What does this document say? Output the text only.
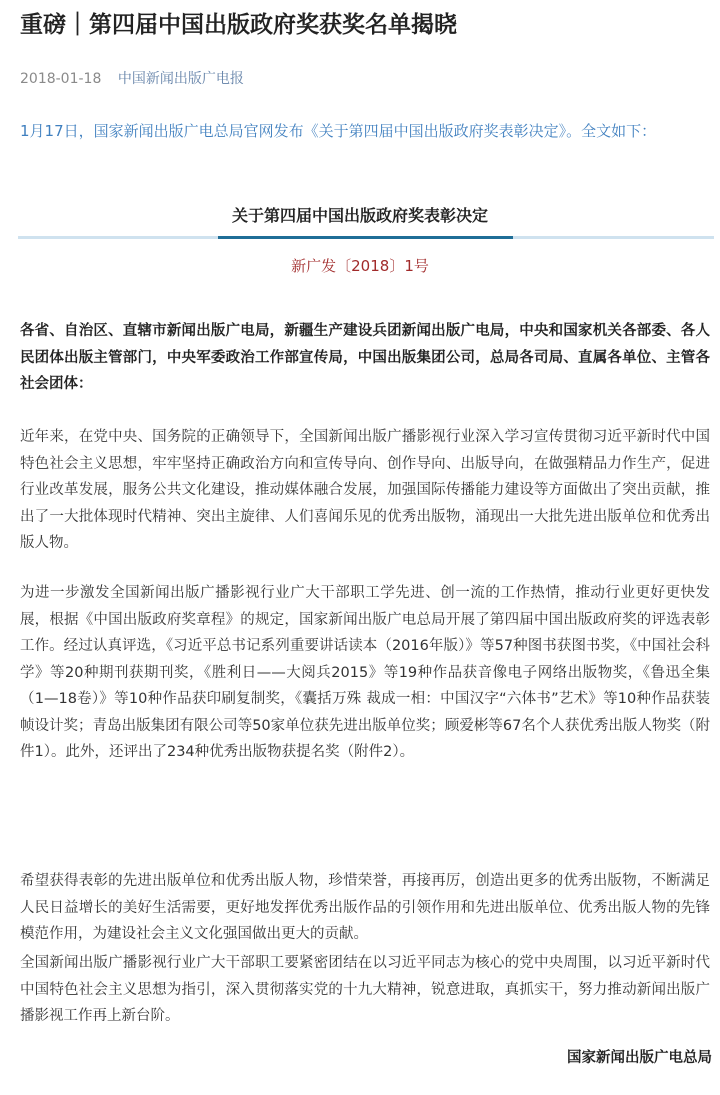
重磅｜第四届中国出版政府奖获奖名单揭晓
2018-01-18 中国新闻出版广电报
1月17日，国家新闻出版广电总局官网发布《关于第四届中国出版政府奖表彰决定》。全文如下：
关于第四届中国出版政府奖表彰决定
新广发〔2018〕1号
各省、自治区、直辖市新闻出版广电局，新疆生产建设兵团新闻出版广电局，中央和国家机关各部委、各人民团体出版主管部门，中央军委政治工作部宣传局，中国出版集团公司，总局各司局、直属各单位、主管各社会团体：
近年来，在党中央、国务院的正确领导下，全国新闻出版广播影视行业深入学习宣传贯彻习近平新时代中国特色社会主义思想，牢牢坚持正确政治方向和宣传导向、创作导向、出版导向，在做强精品力作生产，促进行业改革发展，服务公共文化建设，推动媒体融合发展，加强国际传播能力建设等方面做出了突出贡献，推出了一大批体现时代精神、突出主旋律、人们喜闻乐见的优秀出版物，涌现出一大批先进出版单位和优秀出版人物。
为进一步激发全国新闻出版广播影视行业广大干部职工学先进、创一流的工作热情，推动行业更好更快发展，根据《中国出版政府奖章程》的规定，国家新闻出版广电总局开展了第四届中国出版政府奖的评选表彰工作。经过认真评选，《习近平总书记系列重要讲话读本（2016年版）》等57种图书获图书奖，《中国社会科学》等20种期刊获期刊奖，《胜利日——大阅兵2015》等19种作品获音像电子网络出版物奖，《鲁迅全集（1—18卷）》等10种作品获印刷复制奖，《囊括万殊 裁成一相：中国汉字“六体书”艺术》等10种作品获装帧设计奖；青岛出版集团有限公司等50家单位获先进出版单位奖；顾爱彬等67名个人获优秀出版人物奖（附件1）。此外，还评出了234种优秀出版物获提名奖（附件2）。
希望获得表彰的先进出版单位和优秀出版人物，珍惜荣誉，再接再厉，创造出更多的优秀出版物，不断满足人民日益增长的美好生活需要，更好地发挥优秀出版作品的引领作用和先进出版单位、优秀出版人物的先锋模范作用，为建设社会主义文化强国做出更大的贡献。
全国新闻出版广播影视行业广大干部职工要紧密团结在以习近平同志为核心的党中央周围，以习近平新时代中国特色社会主义思想为指引，深入贯彻落实党的十九大精神，锐意进取，真抓实干，努力推动新闻出版广播影视工作再上新台阶。
国家新闻出版广电总局
